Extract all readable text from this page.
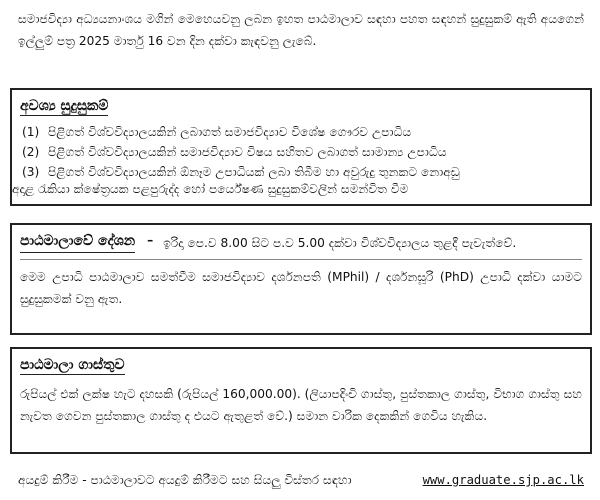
සමාජවිද්‍යා අධ්‍යයනාංශය මගින් මෙහෙයවනු ලබන ඉහත පාඨමාලාව සඳහා පහත සඳහන් සුදුසුකම් ඇති අයගෙන් ඉල්ලුම් පත්‍ර 2025 මාර්තු 16 වන දින දක්වා කැඳවනු ලැබේ.
අවශ්‍ය සුදුසුකම්
(1) පිළිගත් විශ්වවිද්‍යාලයකින් ලබාගත් සමාජවිද්‍යාව විශේෂ ගෞරව උපාධිය
(2) පිළිගත් විශ්වවිද්‍යාලයකින් සමාජවිද්‍යාව විෂය සහිතව ලබාගත් සාමාන්‍ය උපාධිය
(3) පිළිගත් විශ්වවිද්‍යාලයකින් ඕනෑම උපාධියක් ලබා තිබීම හා අවුරුදු තුනකට නොඅඩු
අදාළ රැකියා ක්ෂේත්‍රයක පළපුරුද්ද හෝ පර්යේෂණ සුදුසුකම්වලින් සමන්විත වීම
පාඨමාලාවේ දේශන – ඉරිදා පෙ.ව 8.00 සිට ප.ව 5.00 දක්වා විශ්වවිද්‍යාලය තුළදී පැවැත්වේ.
මෙම උපාධි පාඨමාලාව සමත්වීම සමාජවිද්‍යාව දර්ශනපති (MPhil) / දර්ශනසූරි (PhD) උපාධි දක්වා යාමට සුදුසුකමක් වනු ඇත.
පාඨමාලා ගාස්තුව
රුපියල් එක් ලක්ෂ හැට දහසකි (රුපියල් 160,000.00). (ලියාපදිංචි ගාස්තු, පුස්තකාල ගාස්තු, විභාග ගාස්තු සහ නැවත ගෙවන පුස්තකාල ගාස්තු ද එයට ඇතුළත් වේ.) සමාන වාරික දෙකකින් ගෙවිය හැකිය.
අයදුම් කිරීම - පාඨමාලාවට අයදුම් කිරීමට සහ සියලු විස්තර සඳහා	www.graduate.sjp.ac.lk
